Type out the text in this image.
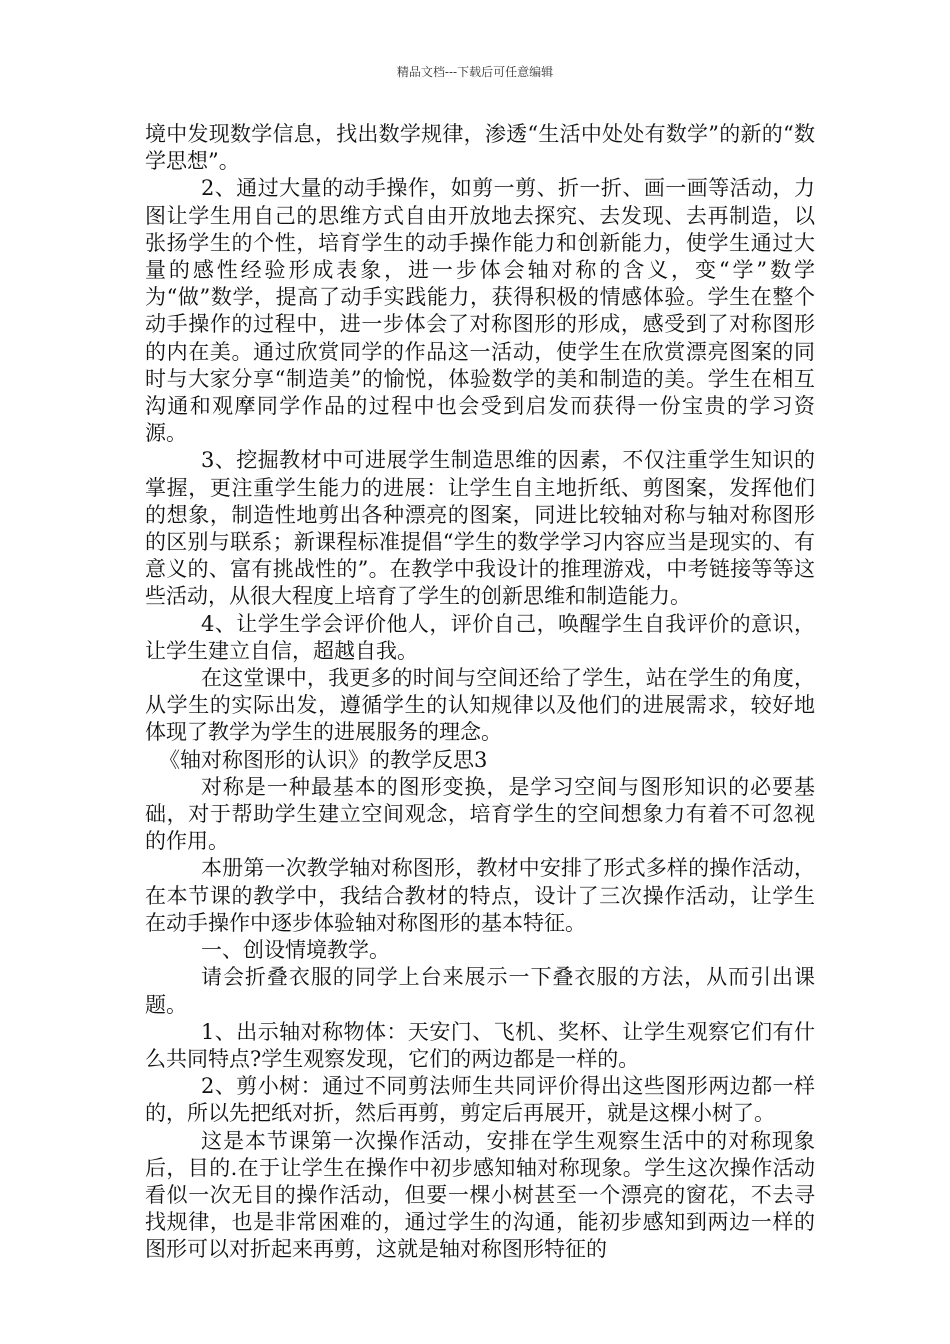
精品文档---下载后可任意编辑

境中发现数学信息，找出数学规律，渗透“生活中处处有数学”的新的“数学思想”。

2、通过大量的动手操作，如剪一剪、折一折、画一画等活动，力图让学生用自己的思维方式自由开放地去探究、去发现、去再制造，以张扬学生的个性，培育学生的动手操作能力和创新能力，使学生通过大量的感性经验形成表象，进一步体会轴对称的含义，变“学”数学为“做”数学，提高了动手实践能力，获得积极的情感体验。学生在整个动手操作的过程中，进一步体会了对称图形的形成，感受到了对称图形的内在美。通过欣赏同学的作品这一活动，使学生在欣赏漂亮图案的同时与大家分享“制造美”的愉悦，体验数学的美和制造的美。学生在相互沟通和观摩同学作品的过程中也会受到启发而获得一份宝贵的学习资源。

3、挖掘教材中可进展学生制造思维的因素，不仅注重学生知识的掌握，更注重学生能力的进展：让学生自主地折纸、剪图案，发挥他们的想象，制造性地剪出各种漂亮的图案，同进比较轴对称与轴对称图形的区别与联系；新课程标准提倡“学生的数学学习内容应当是现实的、有意义的、富有挑战性的”。在教学中我设计的推理游戏，中考链接等等这些活动，从很大程度上培育了学生的创新思维和制造能力。

4、让学生学会评价他人，评价自己，唤醒学生自我评价的意识，让学生建立自信，超越自我。

在这堂课中，我更多的时间与空间还给了学生，站在学生的角度，从学生的实际出发，遵循学生的认知规律以及他们的进展需求，较好地体现了教学为学生的进展服务的理念。

《轴对称图形的认识》的教学反思3

对称是一种最基本的图形变换，是学习空间与图形知识的必要基础，对于帮助学生建立空间观念，培育学生的空间想象力有着不可忽视的作用。

本册第一次教学轴对称图形，教材中安排了形式多样的操作活动，在本节课的教学中，我结合教材的特点，设计了三次操作活动，让学生在动手操作中逐步体验轴对称图形的基本特征。

一、创设情境教学。

请会折叠衣服的同学上台来展示一下叠衣服的方法，从而引出课题。

1、出示轴对称物体：天安门、飞机、奖杯、让学生观察它们有什么共同特点?学生观察发现，它们的两边都是一样的。

2、剪小树：通过不同剪法师生共同评价得出这些图形两边都一样的，所以先把纸对折，然后再剪，剪定后再展开，就是这棵小树了。

这是本节课第一次操作活动，安排在学生观察生活中的对称现象后，目的.在于让学生在操作中初步感知轴对称现象。学生这次操作活动看似一次无目的操作活动，但要一棵小树甚至一个漂亮的窗花，不去寻找规律，也是非常困难的，通过学生的沟通，能初步感知到两边一样的图形可以对折起来再剪，这就是轴对称图形特征的
